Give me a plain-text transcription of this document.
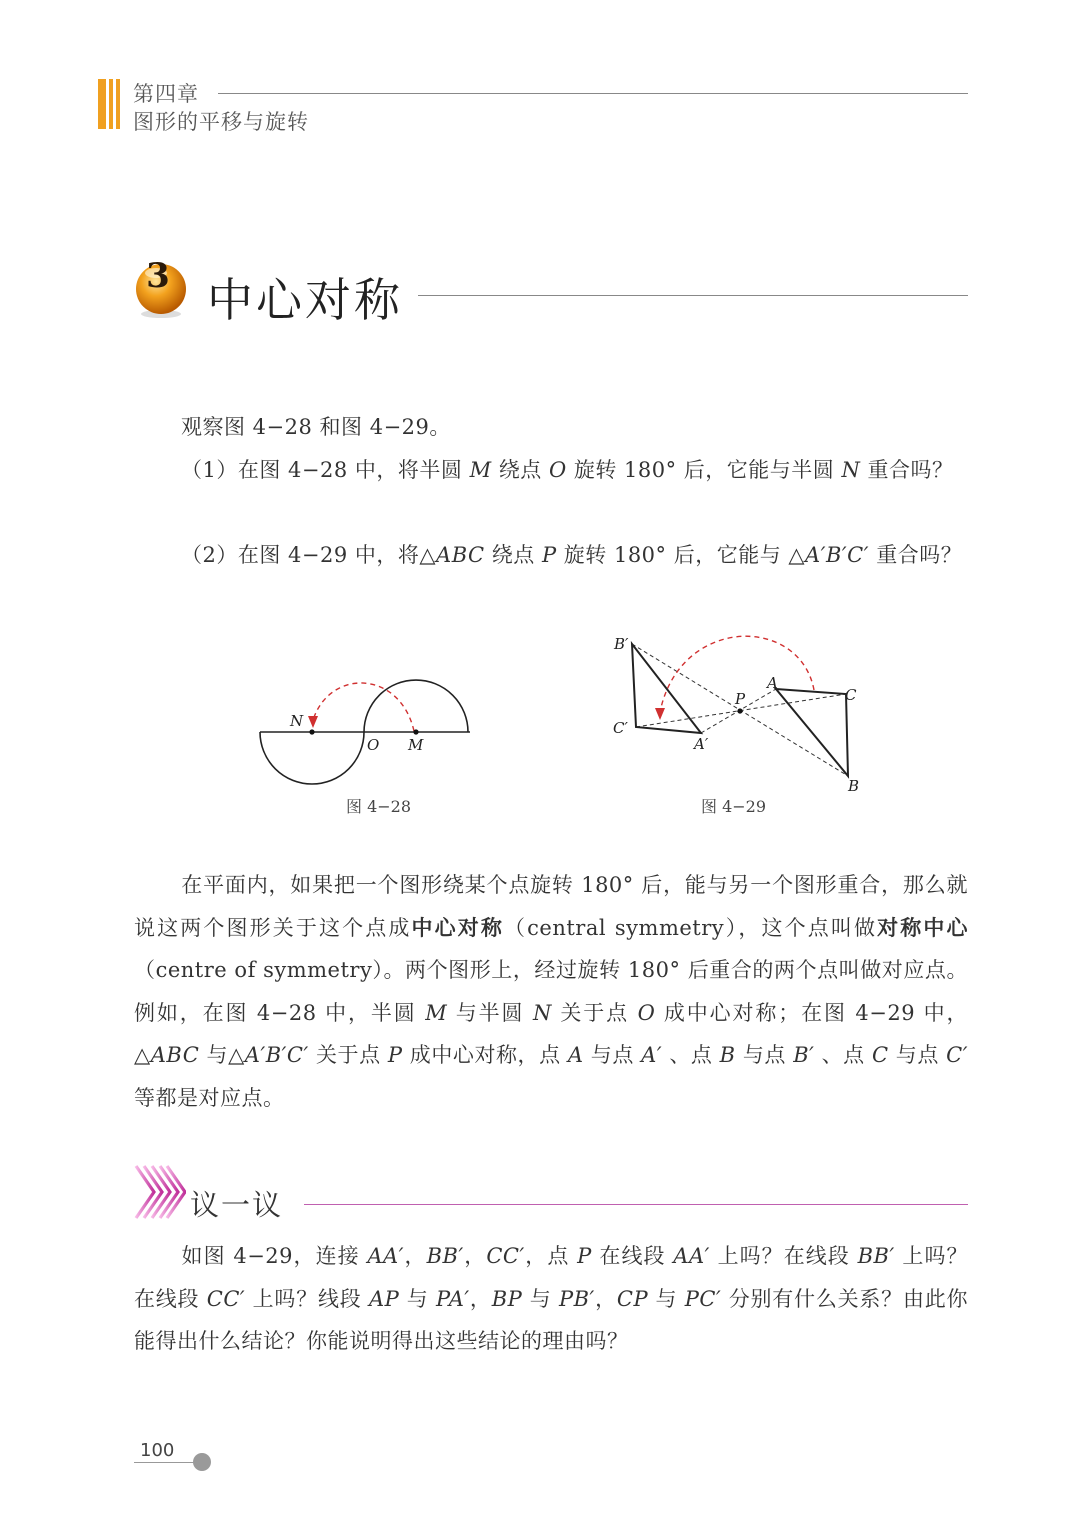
第四章
图形的平移与旋转
3 中心对称
观察图 4−28 和图 4−29。
（1）在图 4−28 中，将半圆 M 绕点 O 旋转 180° 后，它能与半圆 N 重合吗？
（2）在图 4−29 中，将△ABC 绕点 P 旋转 180° 后，它能与 △A′B′C′ 重合吗？
N
O M
图 4−28
B′
C′
A′
P
A
C
B
图 4−29
在平面内，如果把一个图形绕某个点旋转 180° 后，能与另一个图形重合，那么就说这两个图形关于这个点成中心对称（central symmetry），这个点叫做对称中心（centre of symmetry）。两个图形上，经过旋转 180° 后重合的两个点叫做对应点。例如，在图 4−28 中，半圆 M 与半圆 N 关于点 O 成中心对称；在图 4−29 中，△ABC 与△A′B′C′ 关于点 P 成中心对称，点 A 与点 A′ 、点 B 与点 B′ 、点 C 与点 C′ 等都是对应点。
议一议
如图 4−29，连接 AA′，BB′，CC′，点 P 在线段 AA′ 上吗？在线段 BB′ 上吗？在线段 CC′ 上吗？线段 AP 与 PA′，BP 与 PB′，CP 与 PC′ 分别有什么关系？由此你能得出什么结论？你能说明得出这些结论的理由吗？
100
